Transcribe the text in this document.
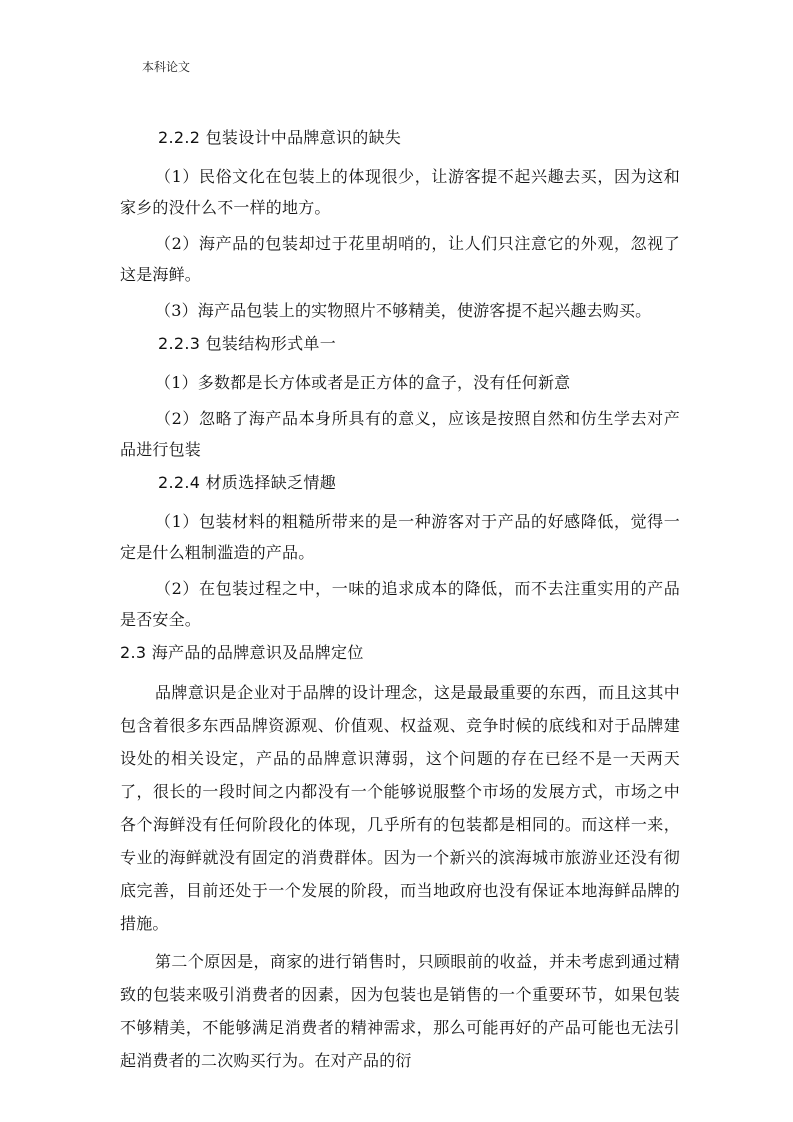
本科论文
2.2.2 包装设计中品牌意识的缺失
（1）民俗文化在包装上的体现很少，让游客提不起兴趣去买，因为这和家乡的没什么不一样的地方。
（2）海产品的包装却过于花里胡哨的，让人们只注意它的外观，忽视了这是海鲜。
（3）海产品包装上的实物照片不够精美，使游客提不起兴趣去购买。
2.2.3 包装结构形式单一
（1）多数都是长方体或者是正方体的盒子，没有任何新意
（2）忽略了海产品本身所具有的意义，应该是按照自然和仿生学去对产品进行包装
2.2.4 材质选择缺乏情趣
（1）包装材料的粗糙所带来的是一种游客对于产品的好感降低，觉得一定是什么粗制滥造的产品。
（2）在包装过程之中，一味的追求成本的降低，而不去注重实用的产品是否安全。
2.3 海产品的品牌意识及品牌定位
品牌意识是企业对于品牌的设计理念，这是最最重要的东西，而且这其中包含着很多东西品牌资源观、价值观、权益观、竞争时候的底线和对于品牌建设处的相关设定，产品的品牌意识薄弱，这个问题的存在已经不是一天两天了，很长的一段时间之内都没有一个能够说服整个市场的发展方式，市场之中各个海鲜没有任何阶段化的体现，几乎所有的包装都是相同的。而这样一来，专业的海鲜就没有固定的消费群体。因为一个新兴的滨海城市旅游业还没有彻底完善，目前还处于一个发展的阶段，而当地政府也没有保证本地海鲜品牌的措施。
第二个原因是，商家的进行销售时，只顾眼前的收益，并未考虑到通过精致的包装来吸引消费者的因素，因为包装也是销售的一个重要环节，如果包装不够精美，不能够满足消费者的精神需求，那么可能再好的产品可能也无法引起消费者的二次购买行为。在对产品的衍
